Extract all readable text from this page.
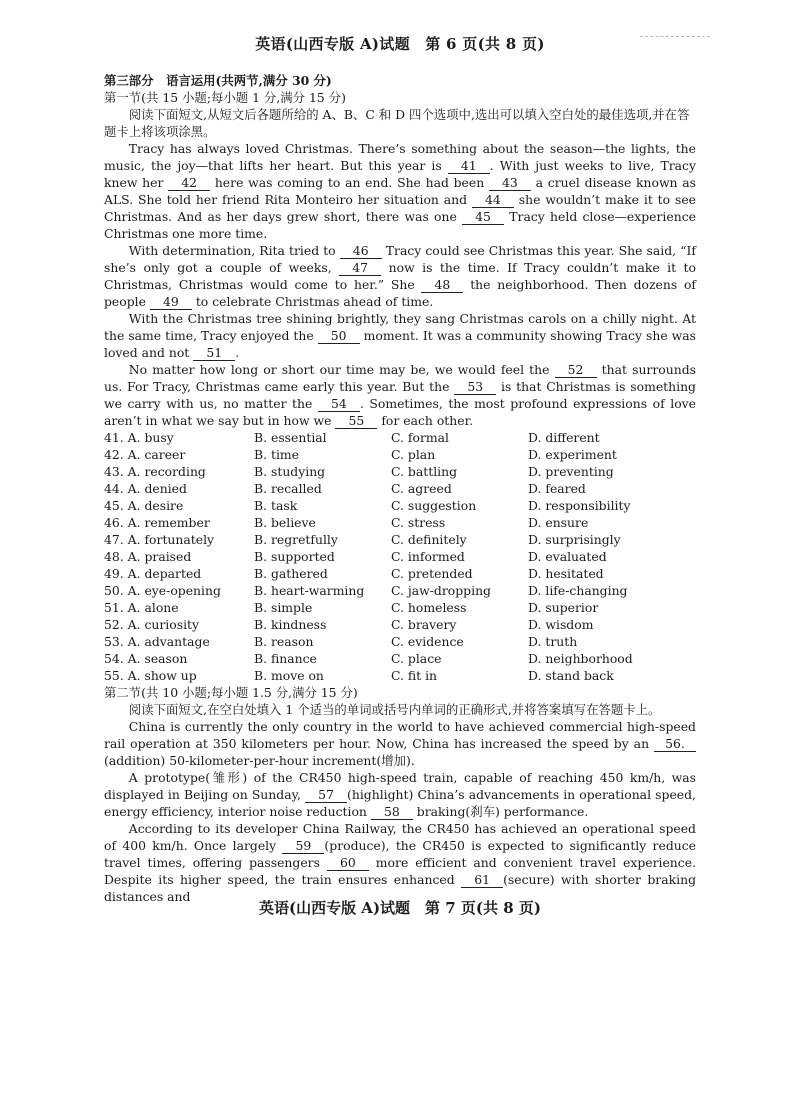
英语(山西专版 A)试题　第 6 页(共 8 页)

第三部分　语言运用(共两节,满分 30 分)

第一节(共 15 小题;每小题 1 分,满分 15 分)

阅读下面短文,从短文后各题所给的 A、B、C 和 D 四个选项中,选出可以填入空白处的最佳选项,并在答题卡上将该项涂黑。

Tracy has always loved Christmas. There’s something about the season—the lights, the music, the joy—that lifts her heart. But this year is 41 . With just weeks to live, Tracy knew her 42 here was coming to an end. She had been 43 a cruel disease known as ALS. She told her friend Rita Monteiro her situation and 44 she wouldn’t make it to see Christmas. And as her days grew short, there was one 45 Tracy held close—experience Christmas one more time.

With determination, Rita tried to 46 Tracy could see Christmas this year. She said, “If she’s only got a couple of weeks, 47 now is the time. If Tracy couldn’t make it to Christmas, Christmas would come to her.” She 48 the neighborhood. Then dozens of people 49 to celebrate Christmas ahead of time.

With the Christmas tree shining brightly, they sang Christmas carols on a chilly night. At the same time, Tracy enjoyed the 50 moment. It was a community showing Tracy she was loved and not 51 .

No matter how long or short our time may be, we would feel the 52 that surrounds us. For Tracy, Christmas came early this year. But the 53 is that Christmas is something we carry with us, no matter the 54 . Sometimes, the most profound expressions of love aren’t in what we say but in how we 55 for each other.

41. A. busy	B. essential	C. formal	D. different
42. A. career	B. time	C. plan	D. experiment
43. A. recording	B. studying	C. battling	D. preventing
44. A. denied	B. recalled	C. agreed	D. feared
45. A. desire	B. task	C. suggestion	D. responsibility
46. A. remember	B. believe	C. stress	D. ensure
47. A. fortunately	B. regretfully	C. definitely	D. surprisingly
48. A. praised	B. supported	C. informed	D. evaluated
49. A. departed	B. gathered	C. pretended	D. hesitated
50. A. eye-opening	B. heart-warming	C. jaw-dropping	D. life-changing
51. A. alone	B. simple	C. homeless	D. superior
52. A. curiosity	B. kindness	C. bravery	D. wisdom
53. A. advantage	B. reason	C. evidence	D. truth
54. A. season	B. finance	C. place	D. neighborhood
55. A. show up	B. move on	C. fit in	D. stand back

第二节(共 10 小题;每小题 1.5 分,满分 15 分)

阅读下面短文,在空白处填入 1 个适当的单词或括号内单词的正确形式,并将答案填写在答题卡上。

China is currently the only country in the world to have achieved commercial high-speed rail operation at 350 kilometers per hour. Now, China has increased the speed by an 56.(addition) 50-kilometer-per-hour increment(增加).

A prototype(雏形) of the CR450 high-speed train, capable of reaching 450 km/h, was displayed in Beijing on Sunday, 57 (highlight) China’s advancements in operational speed, energy efficiency, interior noise reduction 58 braking(刹车) performance.

According to its developer China Railway, the CR450 has achieved an operational speed of 400 km/h. Once largely 59 (produce), the CR450 is expected to significantly reduce travel times, offering passengers 60 more efficient and convenient travel experience. Despite its higher speed, the train ensures enhanced 61 (secure) with shorter braking distances and

英语(山西专版 A)试题　第 7 页(共 8 页)
